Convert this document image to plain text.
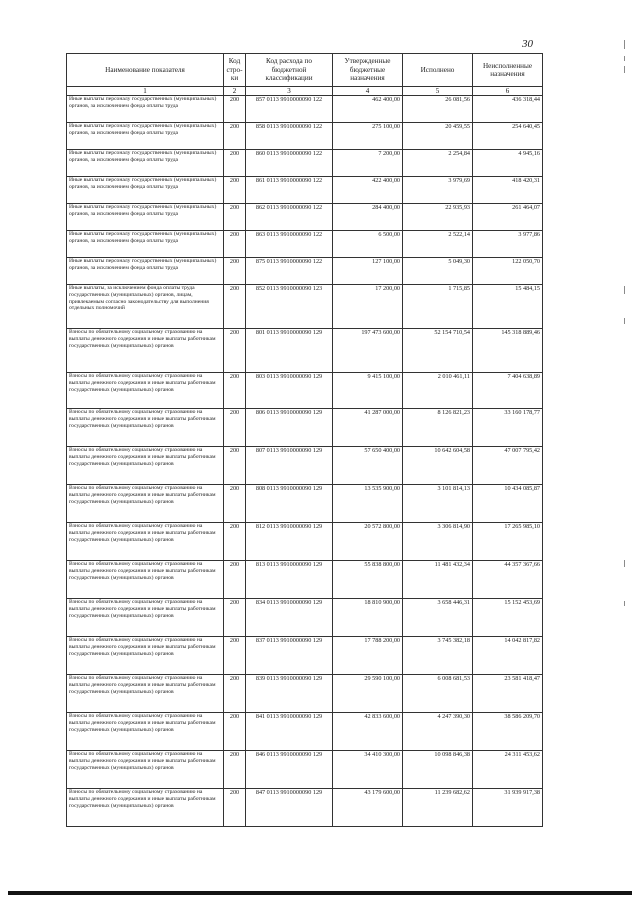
30
Наименование показателя	Код стро-ки	Код расхода по бюджетной классификации	Утвержденные бюджетные назначения	Исполнено	Неисполненные назначения
1	2	3	4	5	6
Иные выплаты персоналу государственных (муниципальных) органов, за исключением фонда оплаты труда	200	857 0113 9910000090 122	462 400,00	26 081,56	436 318,44
Иные выплаты персоналу государственных (муниципальных) органов, за исключением фонда оплаты труда	200	858 0113 9910000090 122	275 100,00	20 459,55	254 640,45
Иные выплаты персоналу государственных (муниципальных) органов, за исключением фонда оплаты труда	200	860 0113 9910000090 122	7 200,00	2 254,84	4 945,16
Иные выплаты персоналу государственных (муниципальных) органов, за исключением фонда оплаты труда	200	861 0113 9910000090 122	422 400,00	3 979,69	418 420,31
Иные выплаты персоналу государственных (муниципальных) органов, за исключением фонда оплаты труда	200	862 0113 9910000090 122	284 400,00	22 935,93	261 464,07
Иные выплаты персоналу государственных (муниципальных) органов, за исключением фонда оплаты труда	200	863 0113 9910000090 122	6 500,00	2 522,14	3 977,86
Иные выплаты персоналу государственных (муниципальных) органов, за исключением фонда оплаты труда	200	875 0113 9910000090 122	127 100,00	5 049,30	122 050,70
Иные выплаты, за исключением фонда оплаты труда государственных (муниципальных) органов, лицам, привлекаемым согласно законодательству для выполнения отдельных полномочий	200	852 0113 9910000090 123	17 200,00	1 715,85	15 484,15
Взносы по обязательному социальному страхованию на выплаты денежного содержания и иные выплаты работникам государственных (муниципальных) органов	200	801 0113 9910000090 129	197 473 600,00	52 154 710,54	145 318 889,46
Взносы по обязательному социальному страхованию на выплаты денежного содержания и иные выплаты работникам государственных (муниципальных) органов	200	803 0113 9910000090 129	9 415 100,00	2 010 461,11	7 404 638,89
Взносы по обязательному социальному страхованию на выплаты денежного содержания и иные выплаты работникам государственных (муниципальных) органов	200	806 0113 9910000090 129	41 287 000,00	8 126 821,23	33 160 178,77
Взносы по обязательному социальному страхованию на выплаты денежного содержания и иные выплаты работникам государственных (муниципальных) органов	200	807 0113 9910000090 129	57 650 400,00	10 642 604,58	47 007 795,42
Взносы по обязательному социальному страхованию на выплаты денежного содержания и иные выплаты работникам государственных (муниципальных) органов	200	808 0113 9910000090 129	13 535 900,00	3 101 814,13	10 434 085,87
Взносы по обязательному социальному страхованию на выплаты денежного содержания и иные выплаты работникам государственных (муниципальных) органов	200	812 0113 9910000090 129	20 572 800,00	3 306 814,90	17 265 985,10
Взносы по обязательному социальному страхованию на выплаты денежного содержания и иные выплаты работникам государственных (муниципальных) органов	200	813 0113 9910000090 129	55 838 800,00	11 481 432,34	44 357 367,66
Взносы по обязательному социальному страхованию на выплаты денежного содержания и иные выплаты работникам государственных (муниципальных) органов	200	834 0113 9910000090 129	18 810 900,00	3 658 446,31	15 152 453,69
Взносы по обязательному социальному страхованию на выплаты денежного содержания и иные выплаты работникам государственных (муниципальных) органов	200	837 0113 9910000090 129	17 788 200,00	3 745 382,18	14 042 817,82
Взносы по обязательному социальному страхованию на выплаты денежного содержания и иные выплаты работникам государственных (муниципальных) органов	200	839 0113 9910000090 129	29 590 100,00	6 008 681,53	23 581 418,47
Взносы по обязательному социальному страхованию на выплаты денежного содержания и иные выплаты работникам государственных (муниципальных) органов	200	841 0113 9910000090 129	42 833 600,00	4 247 390,30	38 586 209,70
Взносы по обязательному социальному страхованию на выплаты денежного содержания и иные выплаты работникам государственных (муниципальных) органов	200	846 0113 9910000090 129	34 410 300,00	10 098 846,38	24 311 453,62
Взносы по обязательному социальному страхованию на выплаты денежного содержания и иные выплаты работникам государственных (муниципальных) органов	200	847 0113 9910000090 129	43 179 600,00	11 239 682,62	31 939 917,38
